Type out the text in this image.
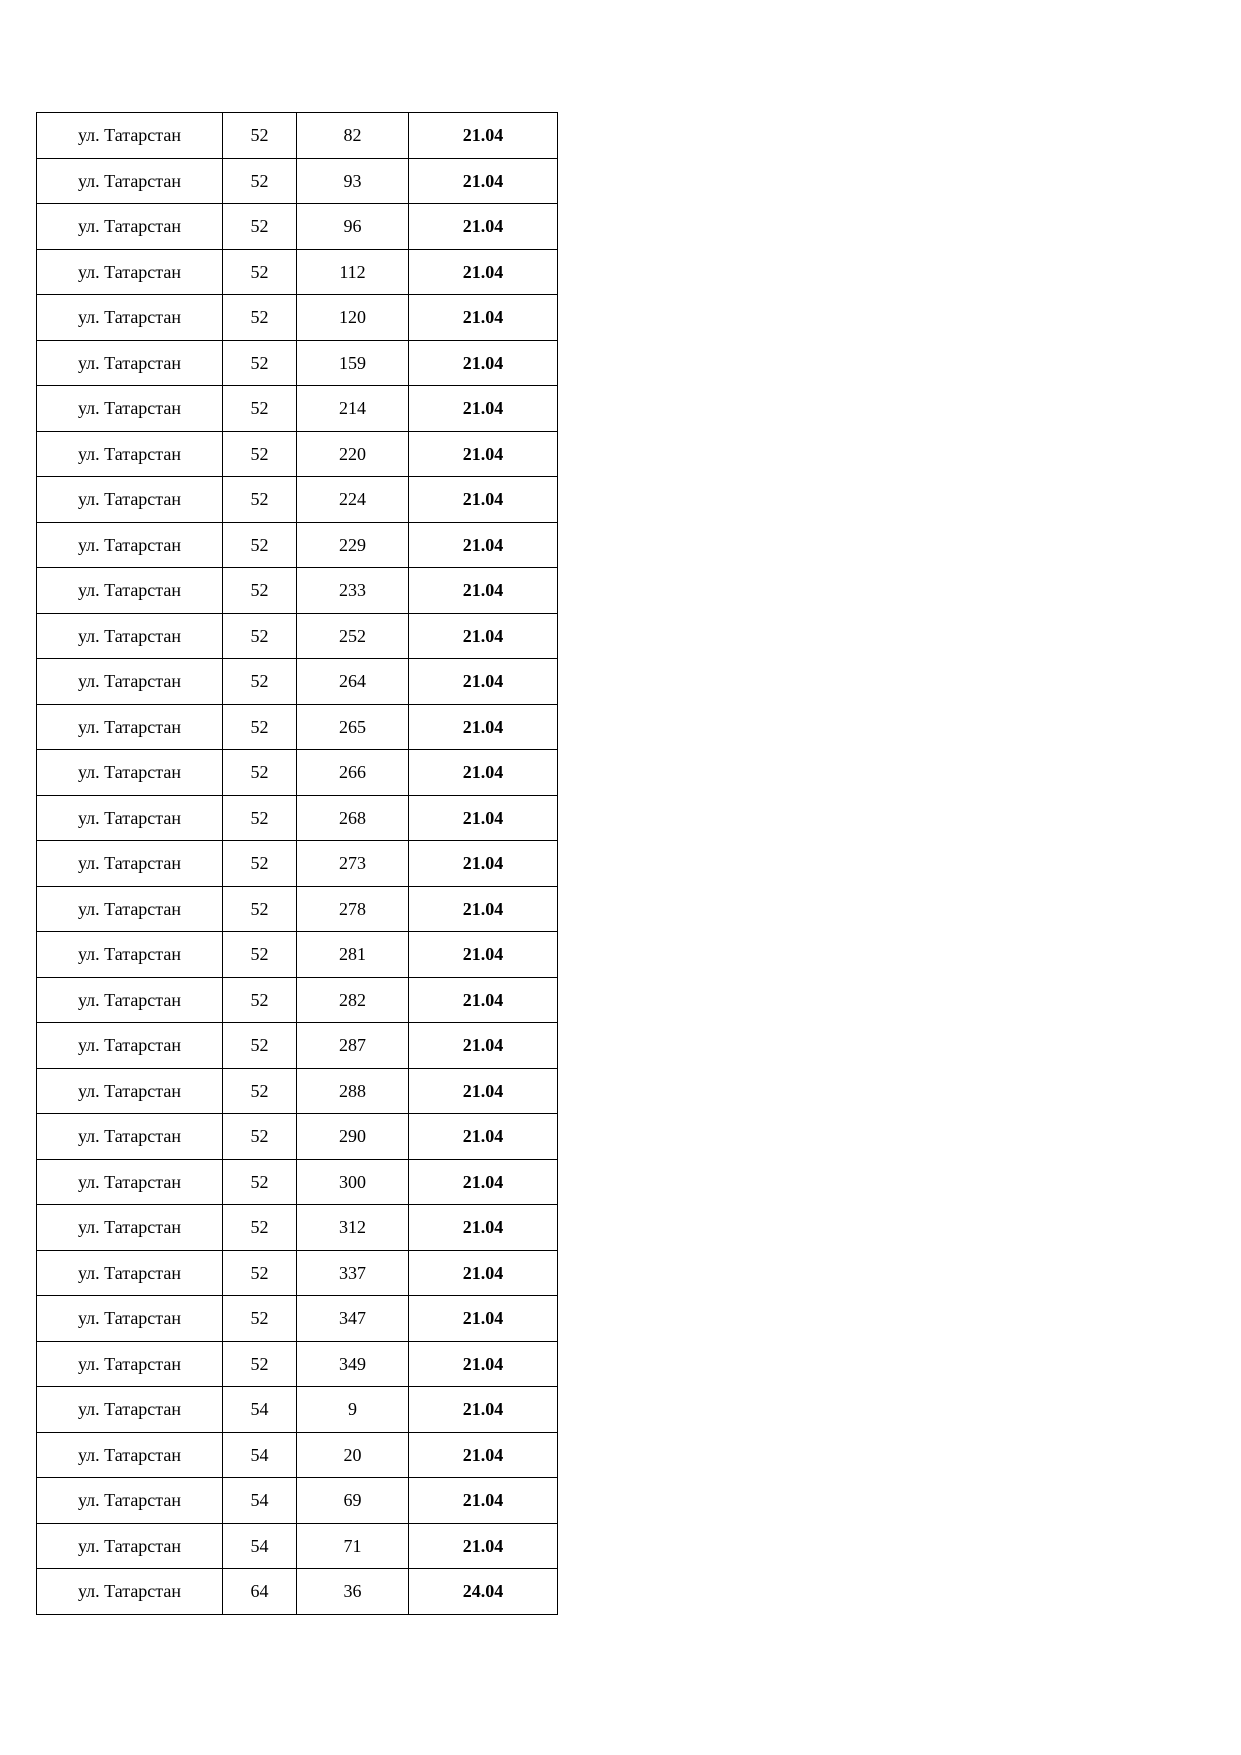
ул. Татарстан	52	82	21.04
ул. Татарстан	52	93	21.04
ул. Татарстан	52	96	21.04
ул. Татарстан	52	112	21.04
ул. Татарстан	52	120	21.04
ул. Татарстан	52	159	21.04
ул. Татарстан	52	214	21.04
ул. Татарстан	52	220	21.04
ул. Татарстан	52	224	21.04
ул. Татарстан	52	229	21.04
ул. Татарстан	52	233	21.04
ул. Татарстан	52	252	21.04
ул. Татарстан	52	264	21.04
ул. Татарстан	52	265	21.04
ул. Татарстан	52	266	21.04
ул. Татарстан	52	268	21.04
ул. Татарстан	52	273	21.04
ул. Татарстан	52	278	21.04
ул. Татарстан	52	281	21.04
ул. Татарстан	52	282	21.04
ул. Татарстан	52	287	21.04
ул. Татарстан	52	288	21.04
ул. Татарстан	52	290	21.04
ул. Татарстан	52	300	21.04
ул. Татарстан	52	312	21.04
ул. Татарстан	52	337	21.04
ул. Татарстан	52	347	21.04
ул. Татарстан	52	349	21.04
ул. Татарстан	54	9	21.04
ул. Татарстан	54	20	21.04
ул. Татарстан	54	69	21.04
ул. Татарстан	54	71	21.04
ул. Татарстан	64	36	24.04
